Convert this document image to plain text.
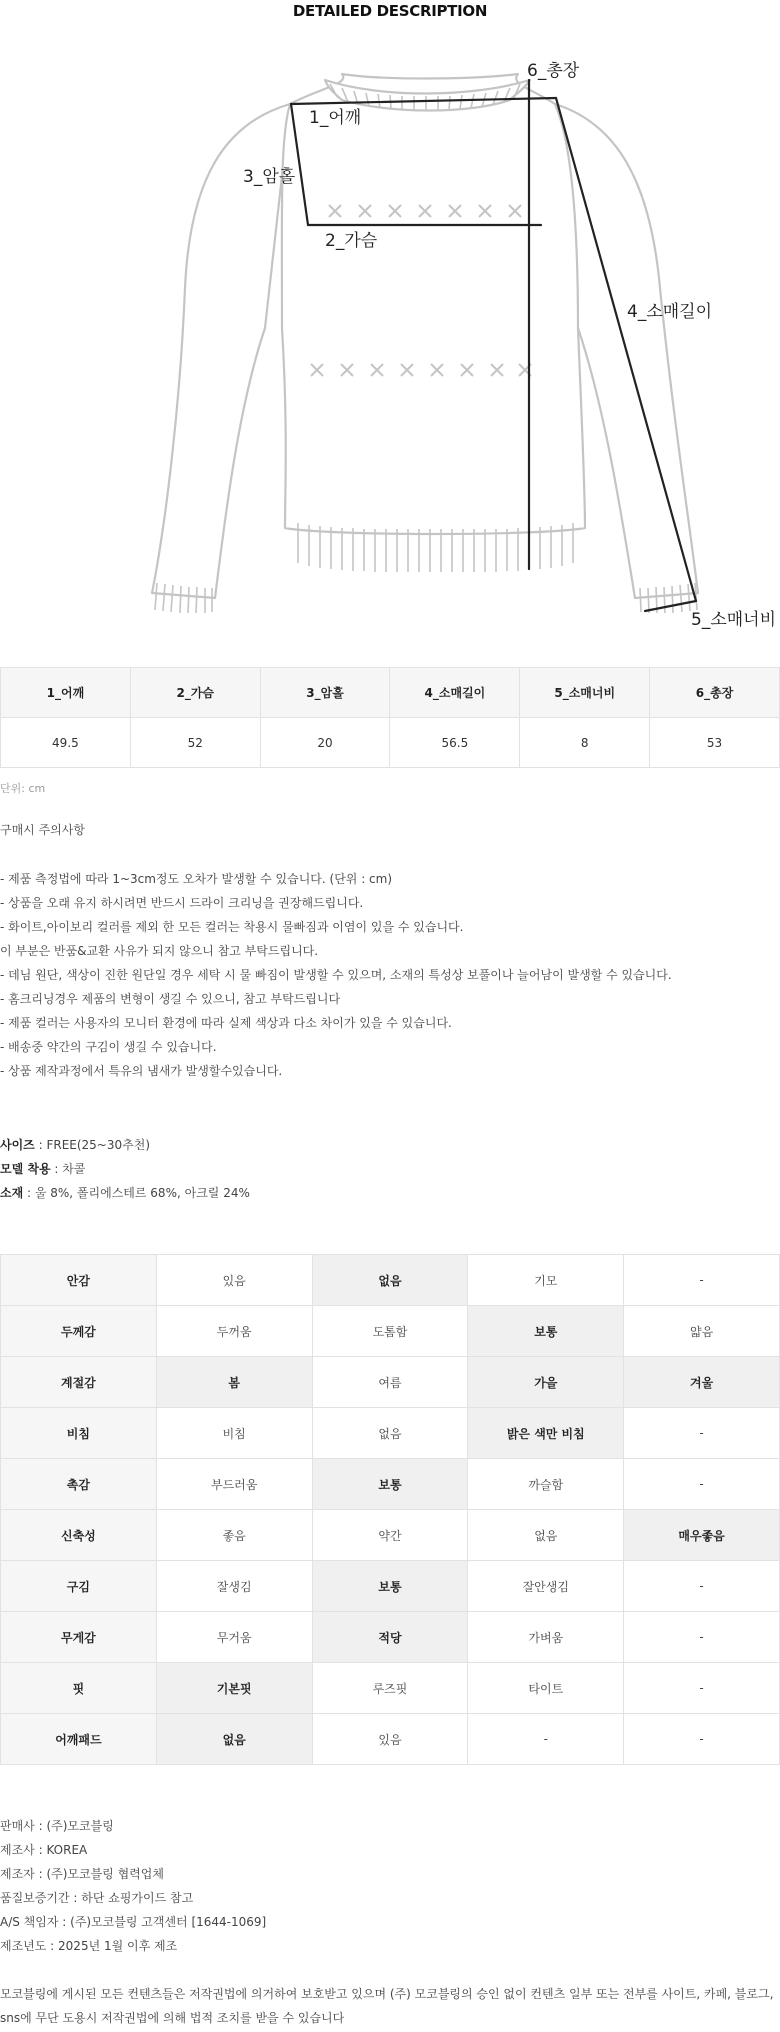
DETAILED DESCRIPTION
1_어깨
2_가슴
3_암홀
4_소매길이
5_소매너비
6_총장
1_어깨	2_가슴	3_암홀	4_소매길이	5_소매너비	6_총장
49.5	52	20	56.5	8	53
단위: cm
구매시 주의사항
- 제품 측정법에 따라 1~3cm정도 오차가 발생할 수 있습니다. (단위 : cm)
- 상품을 오래 유지 하시려면 반드시 드라이 크리닝을 권장해드립니다.
- 화이트,아이보리 컬러를 제외 한 모든 컬러는 착용시 물빠짐과 이염이 있을 수 있습니다.
이 부분은 반품&교환 사유가 되지 않으니 참고 부탁드립니다.
- 데님 원단, 색상이 진한 원단일 경우 세탁 시 물 빠짐이 발생할 수 있으며, 소재의 특성상 보풀이나 늘어남이 발생할 수 있습니다.
- 홈크리닝경우 제품의 변형이 생길 수 있으니, 참고 부탁드립니다
- 제품 컬러는 사용자의 모니터 환경에 따라 실제 색상과 다소 차이가 있을 수 있습니다.
- 배송중 약간의 구김이 생길 수 있습니다.
- 상품 제작과정에서 특유의 냄새가 발생할수있습니다.
사이즈 : FREE(25~30추천)
모델 착용 : 차콜
소재 : 울 8%, 폴리에스테르 68%, 아크릴 24%
안감	있음	없음	기모	-
두께감	두꺼움	도톰함	보통	얇음
계절감	봄	여름	가을	겨울
비침	비침	없음	밝은 색만 비침	-
촉감	부드러움	보통	까슬함	-
신축성	좋음	약간	없음	매우좋음
구김	잘생김	보통	잘안생김	-
무게감	무거움	적당	가벼움	-
핏	기본핏	루즈핏	타이트	-
어깨패드	없음	있음	-	-
판매사 : (주)모코블링
제조사 : KOREA
제조자 : (주)모코블링 협력업체
품질보증기간 : 하단 쇼핑가이드 참고
A/S 책임자 : (주)모코블링 고객센터 [1644-1069]
제조년도 : 2025년 1월 이후 제조
모코블링에 게시된 모든 컨텐츠들은 저작권법에 의거하여 보호받고 있으며 (주) 모코블링의 승인 없이 컨텐츠 일부 또는 전부를 사이트, 카페, 블로그, sns에 무단 도용시 저작권법에 의해 법적 조치를 받을 수 있습니다
